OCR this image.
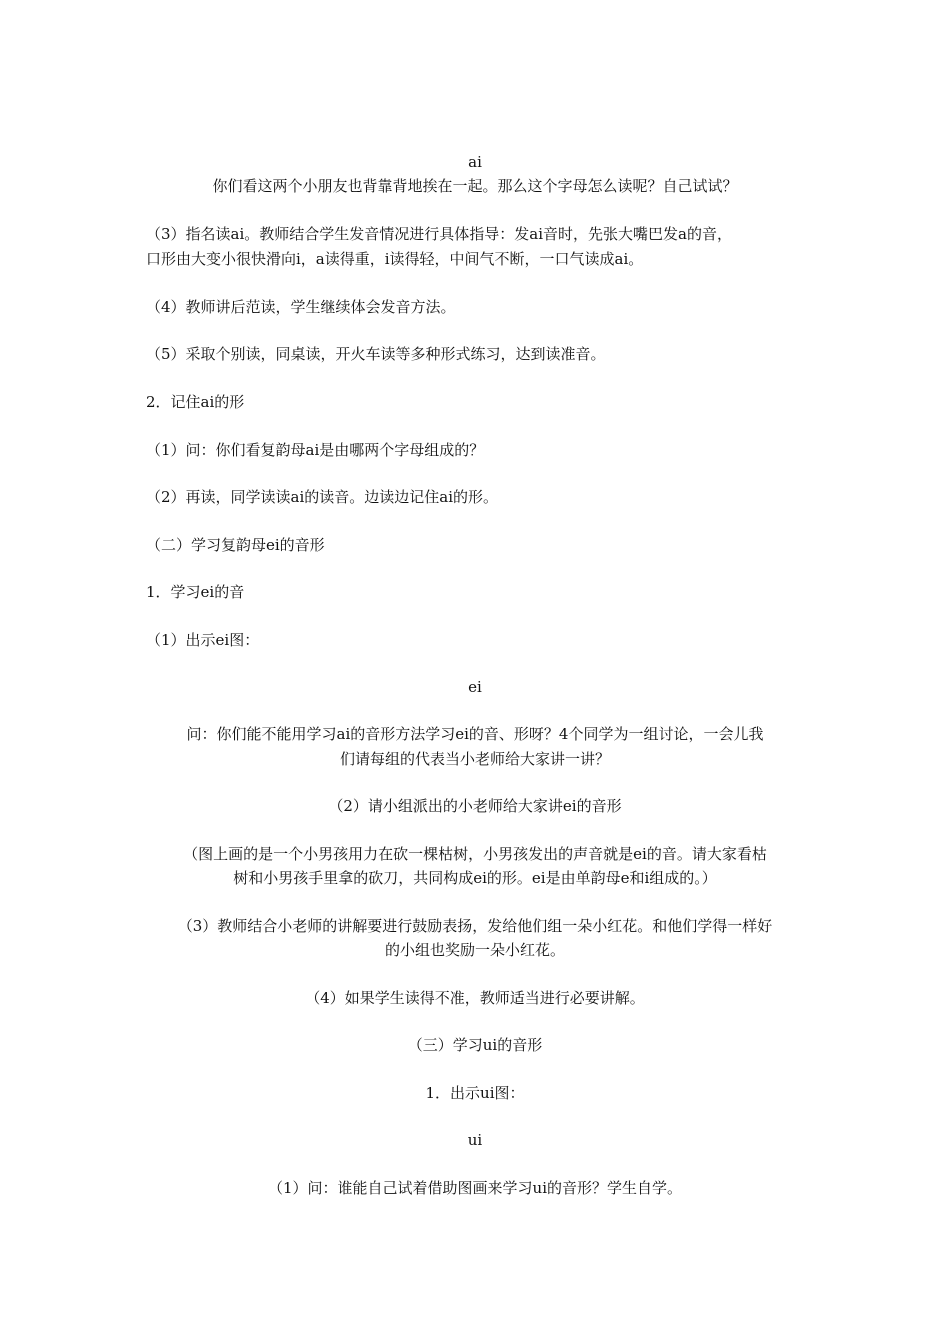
ai
你们看这两个小朋友也背靠背地挨在一起。那么这个字母怎么读呢？自己试试？
（3）指名读ai。教师结合学生发音情况进行具体指导：发ai音时，先张大嘴巴发a的音，
口形由大变小很快滑向i，a读得重，i读得轻，中间气不断，一口气读成ai。
（4）教师讲后范读，学生继续体会发音方法。
（5）采取个别读，同桌读，开火车读等多种形式练习，达到读准音。
2．记住ai的形
（1）问：你们看复韵母ai是由哪两个字母组成的？
（2）再读，同学读读ai的读音。边读边记住ai的形。
（二）学习复韵母ei的音形
1．学习ei的音
（1）出示ei图：
ei
问：你们能不能用学习ai的音形方法学习ei的音、形呀？4个同学为一组讨论，一会儿我
们请每组的代表当小老师给大家讲一讲？
（2）请小组派出的小老师给大家讲ei的音形
（图上画的是一个小男孩用力在砍一棵枯树，小男孩发出的声音就是ei的音。请大家看枯
树和小男孩手里拿的砍刀，共同构成ei的形。ei是由单韵母e和i组成的。）
（3）教师结合小老师的讲解要进行鼓励表扬，发给他们组一朵小红花。和他们学得一样好
的小组也奖励一朵小红花。
（4）如果学生读得不准，教师适当进行必要讲解。
（三）学习ui的音形
1．出示ui图：
ui
（1）问：谁能自己试着借助图画来学习ui的音形？学生自学。
